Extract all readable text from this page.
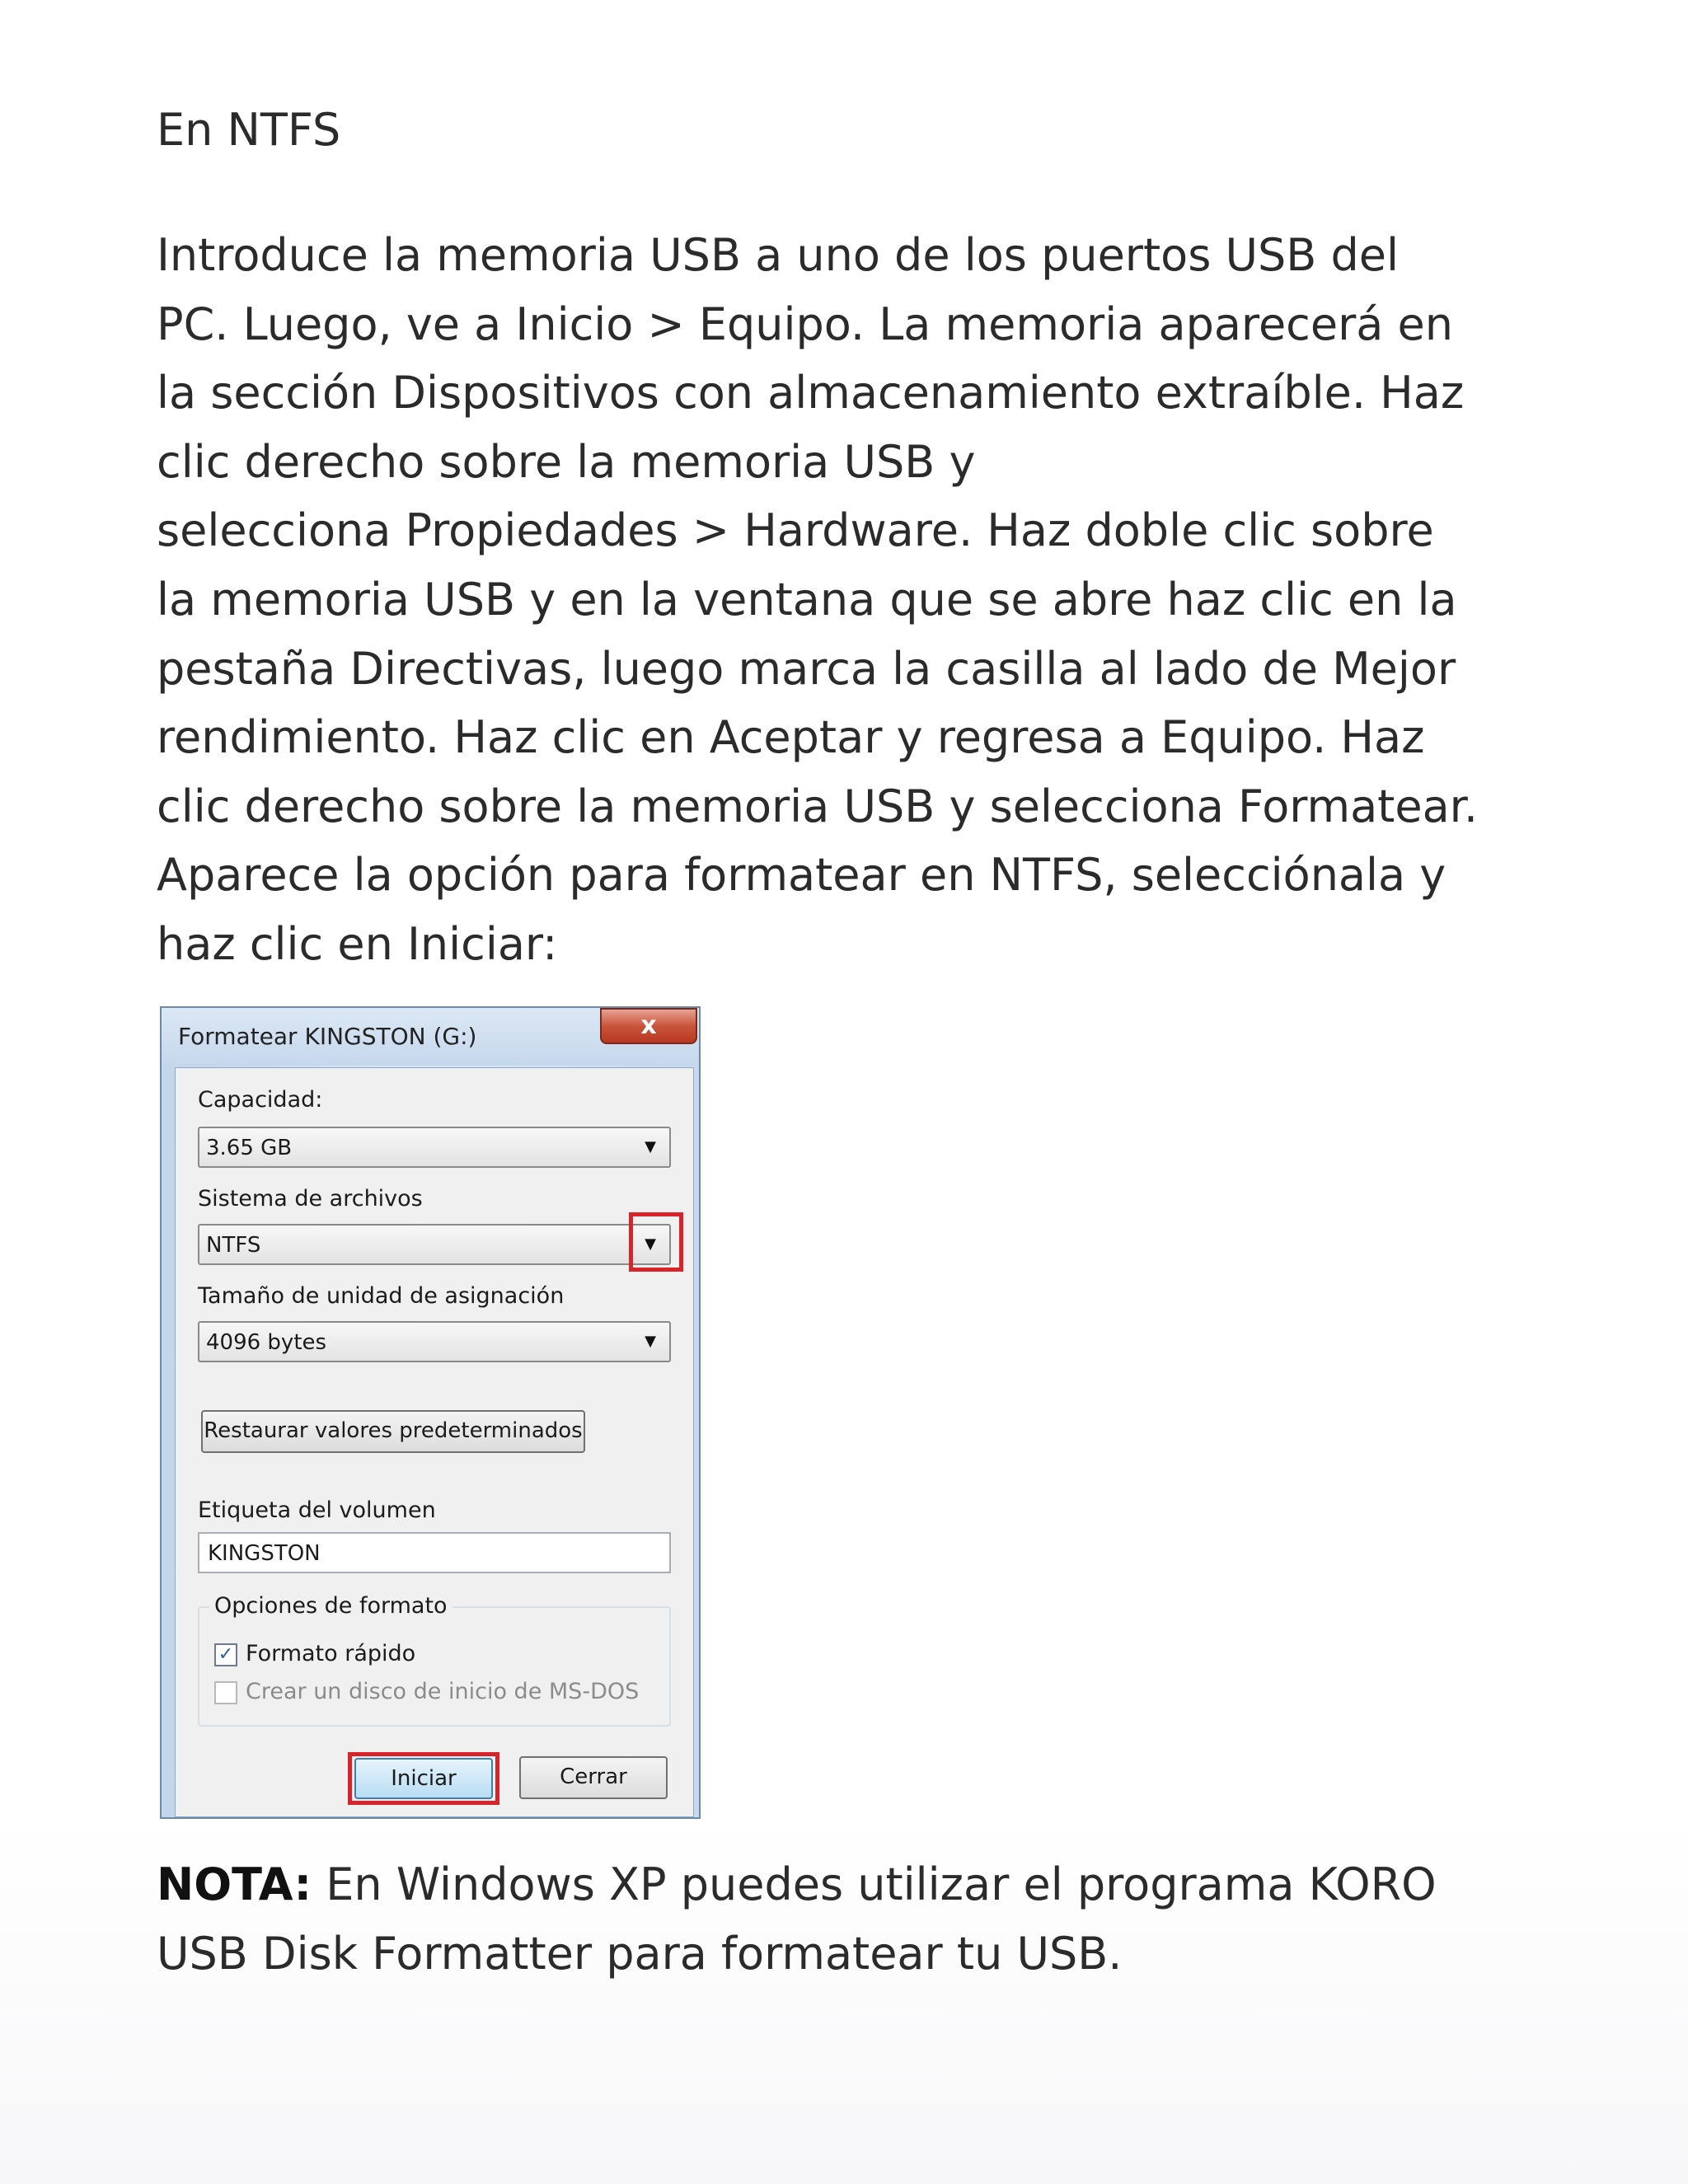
En NTFS
Introduce la memoria USB a uno de los puertos USB del
PC. Luego, ve a Inicio > Equipo. La memoria aparecerá en
la sección Dispositivos con almacenamiento extraíble. Haz
clic derecho sobre la memoria USB y
selecciona Propiedades > Hardware. Haz doble clic sobre
la memoria USB y en la ventana que se abre haz clic en la
pestaña Directivas, luego marca la casilla al lado de Mejor
rendimiento. Haz clic en Aceptar y regresa a Equipo. Haz
clic derecho sobre la memoria USB y selecciona Formatear.
Aparece la opción para formatear en NTFS, selecciónala y
haz clic en Iniciar:
Formatear KINGSTON (G:)	x
Capacidad:
3.65 GB	▼
Sistema de archivos
NTFS	▼
Tamaño de unidad de asignación
4096 bytes	▼
Restaurar valores predeterminados
Etiqueta del volumen
KINGSTON
Opciones de formato
✓ Formato rápido
Crear un disco de inicio de MS-DOS
Iniciar	Cerrar
NOTA: En Windows XP puedes utilizar el programa KORO
USB Disk Formatter para formatear tu USB.
